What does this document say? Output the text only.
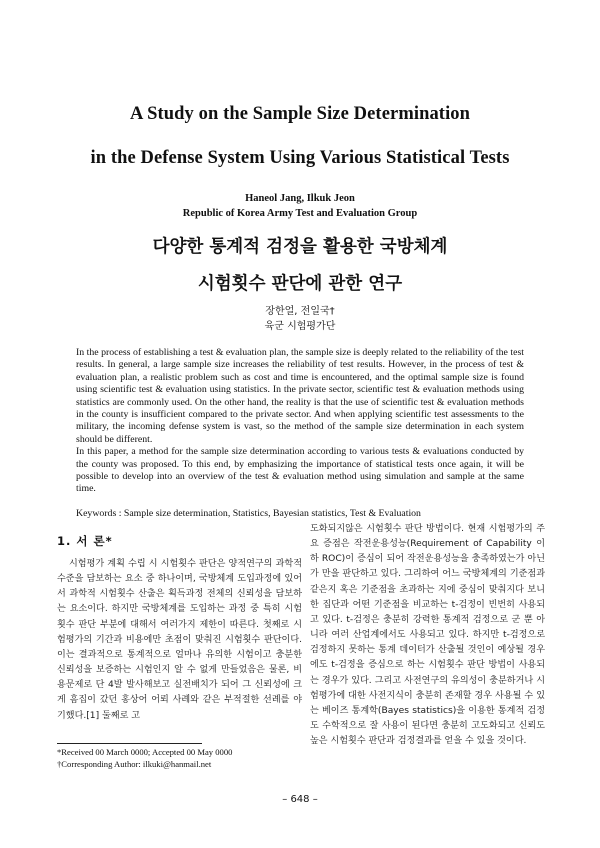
A Study on the Sample Size Determination
in the Defense System Using Various Statistical Tests
Haneol Jang, Ilkuk Jeon
Republic of Korea Army Test and Evaluation Group
다양한 통계적 검정을 활용한 국방체계
시험횟수 판단에 관한 연구
장한얼, 전일국†
육군 시험평가단

In the process of establishing a test & evaluation plan, the sample size is deeply related to the reliability of the test results. In general, a large sample size increases the reliability of test results. However, in the process of test & evaluation plan, a realistic problem such as cost and time is encountered, and the optimal sample size is found using scientific test & evaluation using statistics. In the private sector, scientific test & evaluation methods using statistics are commonly used. On the other hand, the reality is that the use of scientific test & evaluation methods in the county is insufficient compared to the private sector. And when applying scientific test assessments to the military, the incoming defense system is vast, so the method of the sample size determination in each system should be different.

In this paper, a method for the sample size determination according to various tests & evaluations conducted by the county was proposed. To this end, by emphasizing the importance of statistical tests once again, it will be possible to develop into an overview of the test & evaluation method using simulation and sample at the same time.

Keywords : Sample size determination, Statistics, Bayesian statistics, Test & Evaluation
1. 서 론*

시험평가 계획 수립 시 시험횟수 판단은 양적연구의 과학적 수준을 담보하는 요소 중 하나이며, 국방체계 도입과정에 있어서 과학적 시험횟수 산출은 획득과정 전체의 신뢰성을 담보하는 요소이다. 하지만 국방체계를 도입하는 과정 중 특히 시험횟수 판단 부분에 대해서 여러가지 제한이 따른다. 첫째로 시험평가의 기간과 비용에만 초점이 맞춰진 시험횟수 판단이다. 이는 결과적으로 통계적으로 얼마나 유의한 시험이고 충분한 신뢰성을 보증하는 시험인지 알 수 없게 만들었음은 물론, 비용문제로 단 4발 발사해보고 실전배치가 되어 그 신뢰성에 크게 흠집이 갔던 홍상어 어뢰 사례와 같은 부적절한 선례를 야기했다.[1] 둘째로 고

도화되지않은 시험횟수 판단 방법이다. 현재 시험평가의 주요 증점은 작전운용성능(Requirement of Capability 이하 ROC)이 증심이 되어 작전운용성능을 충족하였는가 아닌가 만을 판단하고 있다. 그리하여 어느 국방체계의 기준점과 같은지 혹은 기준점을 초과하는 지에 중심이 맞춰지다 보니 한 집단과 어떤 기준점을 비교하는 t-검정이 빈번히 사용되고 있다. t-검정은 충분히 강력한 통계적 검정으로 군 뿐 아니라 여러 산업계에서도 사용되고 있다. 하지만 t-검정으로 검정하지 못하는 통계 데이터가 산출될 것인이 예상될 경우에도 t-검정을 증심으로 하는 시험횟수 판단 방법이 사용되는 경우가 있다. 그리고 사전연구의 유의성이 충분하거나 시험평가에 대한 사전지식이 충분히 존재할 경우 사용될 수 있는 베이즈 통계학(Bayes statistics)을 이용한 통계적 검정도 수학적으로 잘 사용이 된다면 충분히 고도화되고 신뢰도 높은 시험횟수 판단과 검정결과를 얻을 수 있을 것이다.

*Received 00 March 0000; Accepted 00 May 0000
†Corresponding Author: ilkuki@hanmail.net
– 648 –
